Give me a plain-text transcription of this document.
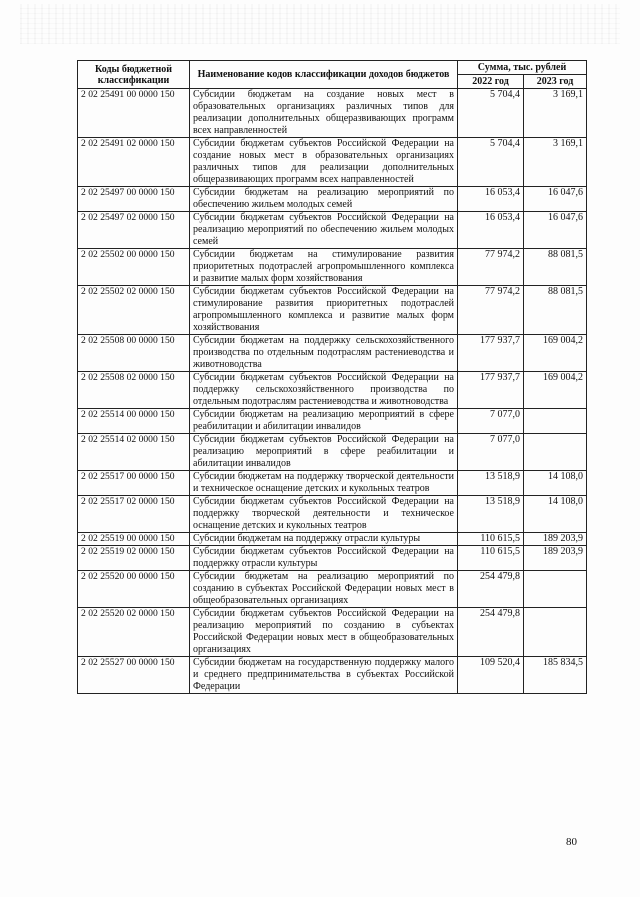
Коды бюджетной классификации	Наименование кодов классификации доходов бюджетов	Сумма, тыс. рублей	
		2022 год	2023 год
2 02 25491 00 0000 150	Субсидии бюджетам на создание новых мест в образовательных организациях различных типов для реализации дополнительных общеразвивающих программ всех направленностей	5 704,4	3 169,1
2 02 25491 02 0000 150	Субсидии бюджетам субъектов Российской Федерации на создание новых мест в образовательных организациях различных типов для реализации дополнительных общеразвивающих программ всех направленностей	5 704,4	3 169,1
2 02 25497 00 0000 150	Субсидии бюджетам на реализацию мероприятий по обеспечению жильем молодых семей	16 053,4	16 047,6
2 02 25497 02 0000 150	Субсидии бюджетам субъектов Российской Федерации на реализацию мероприятий по обеспечению жильем молодых семей	16 053,4	16 047,6
2 02 25502 00 0000 150	Субсидии бюджетам на стимулирование развития приоритетных подотраслей агропромышленного комплекса и развитие малых форм хозяйствования	77 974,2	88 081,5
2 02 25502 02 0000 150	Субсидии бюджетам субъектов Российской Федерации на стимулирование развития приоритетных подотраслей агропромышленного комплекса и развитие малых форм хозяйствования	77 974,2	88 081,5
2 02 25508 00 0000 150	Субсидии бюджетам на поддержку сельскохозяйственного производства по отдельным подотраслям растениеводства и животноводства	177 937,7	169 004,2
2 02 25508 02 0000 150	Субсидии бюджетам субъектов Российской Федерации на поддержку сельскохозяйственного производства по отдельным подотраслям растениеводства и животноводства	177 937,7	169 004,2
2 02 25514 00 0000 150	Субсидии бюджетам на реализацию мероприятий в сфере реабилитации и абилитации инвалидов	7 077,0	
2 02 25514 02 0000 150	Субсидии бюджетам субъектов Российской Федерации на реализацию мероприятий в сфере реабилитации и абилитации инвалидов	7 077,0	
2 02 25517 00 0000 150	Субсидии бюджетам на поддержку творческой деятельности и техническое оснащение детских и кукольных театров	13 518,9	14 108,0
2 02 25517 02 0000 150	Субсидии бюджетам субъектов Российской Федерации на поддержку творческой деятельности и техническое оснащение детских и кукольных театров	13 518,9	14 108,0
2 02 25519 00 0000 150	Субсидии бюджетам на поддержку отрасли культуры	110 615,5	189 203,9
2 02 25519 02 0000 150	Субсидии бюджетам субъектов Российской Федерации на поддержку отрасли культуры	110 615,5	189 203,9
2 02 25520 00 0000 150	Субсидии бюджетам на реализацию мероприятий по созданию в субъектах Российской Федерации новых мест в общеобразовательных организациях	254 479,8	
2 02 25520 02 0000 150	Субсидии бюджетам субъектов Российской Федерации на реализацию мероприятий по созданию в субъектах Российской Федерации новых мест в общеобразовательных организациях	254 479,8	
2 02 25527 00 0000 150	Субсидии бюджетам на государственную поддержку малого и среднего предпринимательства в субъектах Российской Федерации	109 520,4	185 834,5
80
